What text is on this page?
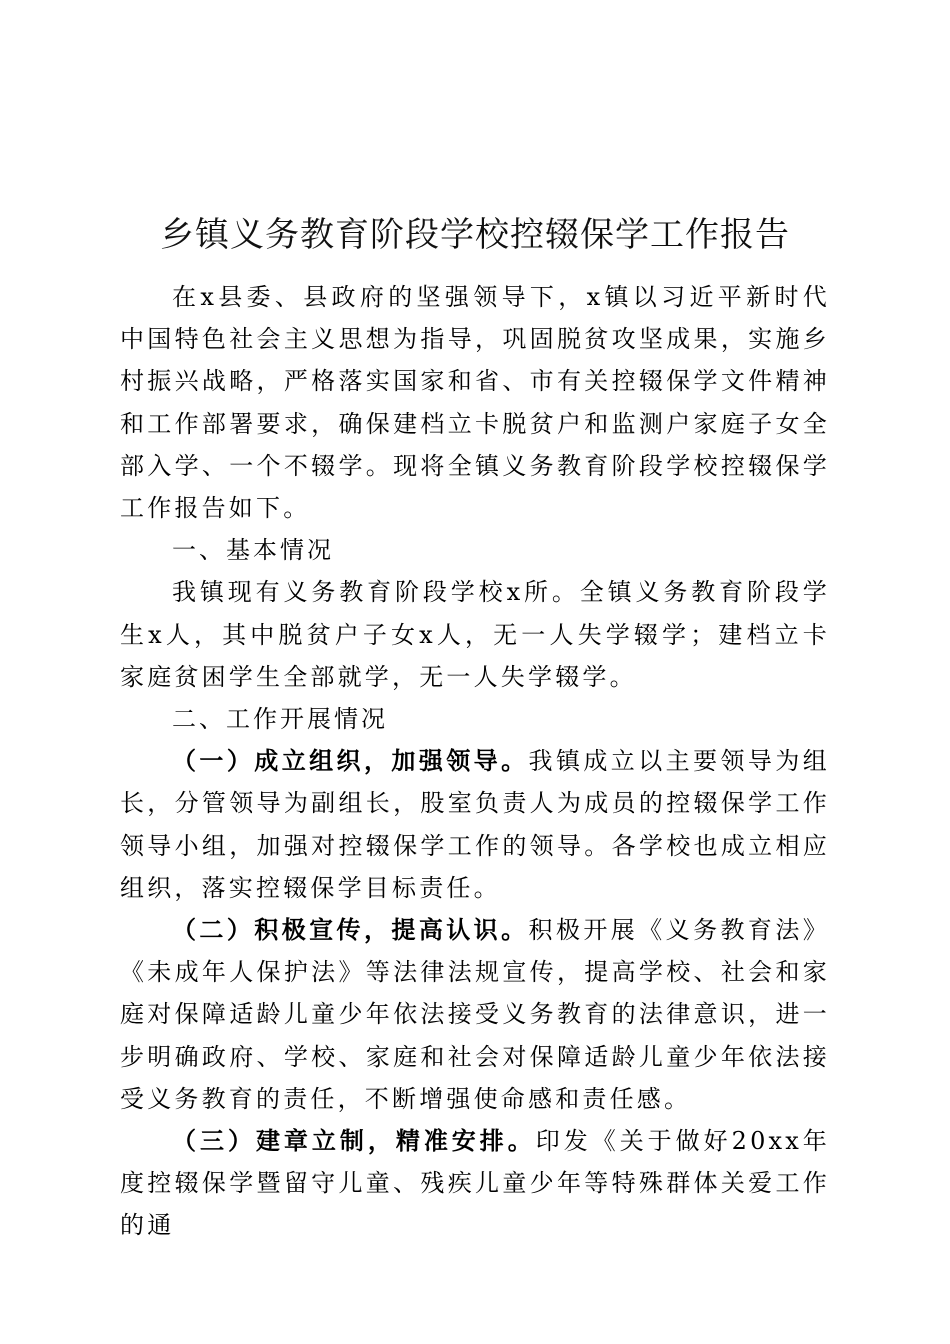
乡镇义务教育阶段学校控辍保学工作报告

在x县委、县政府的坚强领导下，x镇以习近平新时代中国特色社会主义思想为指导，巩固脱贫攻坚成果，实施乡村振兴战略，严格落实国家和省、市有关控辍保学文件精神和工作部署要求，确保建档立卡脱贫户和监测户家庭子女全部入学、一个不辍学。现将全镇义务教育阶段学校控辍保学工作报告如下。

一、基本情况

我镇现有义务教育阶段学校x所。全镇义务教育阶段学生x人，其中脱贫户子女x人，无一人失学辍学；建档立卡家庭贫困学生全部就学，无一人失学辍学。

二、工作开展情况

（一）成立组织，加强领导。我镇成立以主要领导为组长，分管领导为副组长，股室负责人为成员的控辍保学工作领导小组，加强对控辍保学工作的领导。各学校也成立相应组织，落实控辍保学目标责任。

（二）积极宣传，提高认识。积极开展《义务教育法》《未成年人保护法》等法律法规宣传，提高学校、社会和家庭对保障适龄儿童少年依法接受义务教育的法律意识，进一步明确政府、学校、家庭和社会对保障适龄儿童少年依法接受义务教育的责任，不断增强使命感和责任感。

（三）建章立制，精准安排。印发《关于做好20xx年度控辍保学暨留守儿童、残疾儿童少年等特殊群体关爱工作的通
